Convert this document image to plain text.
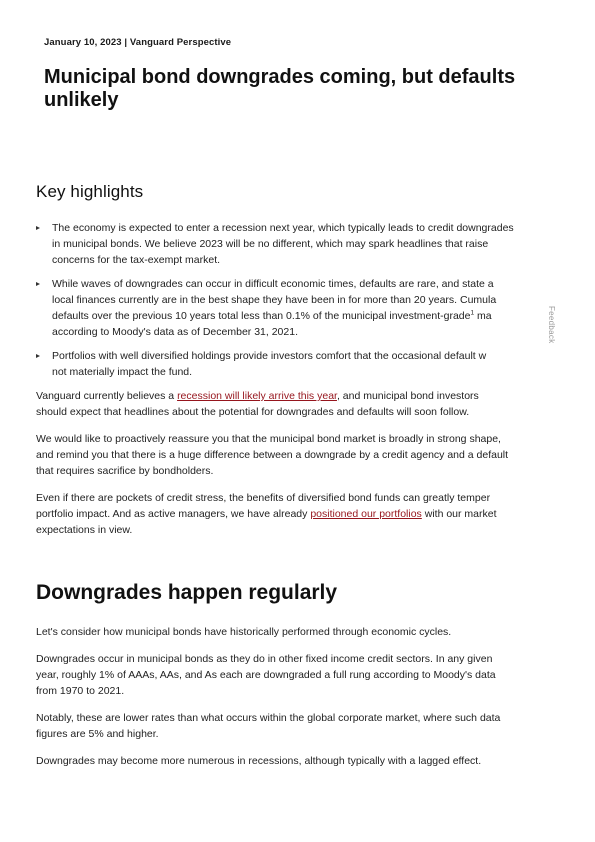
January 10, 2023 | Vanguard Perspective
Municipal bond downgrades coming, but defaults
unlikely
Key highlights
The economy is expected to enter a recession next year, which typically leads to credit downgrades
in municipal bonds. We believe 2023 will be no different, which may spark headlines that raise
concerns for the tax-exempt market.
While waves of downgrades can occur in difficult economic times, defaults are rare, and state a
local finances currently are in the best shape they have been in for more than 20 years. Cumula
defaults over the previous 10 years total less than 0.1% of the municipal investment-grade$^1$ ma
according to Moody's data as of December 31, 2021.
Portfolios with well diversified holdings provide investors comfort that the occasional default w
not materially impact the fund.

Vanguard currently believes a recession will likely arrive this year, and municipal bond investors
should expect that headlines about the potential for downgrades and defaults will soon follow.

We would like to proactively reassure you that the municipal bond market is broadly in strong shape,
and remind you that there is a huge difference between a downgrade by a credit agency and a default
that requires sacrifice by bondholders.

Even if there are pockets of credit stress, the benefits of diversified bond funds can greatly temper
portfolio impact. And as active managers, we have already positioned our portfolios with our market
expectations in view.

Downgrades happen regularly

Let's consider how municipal bonds have historically performed through economic cycles.

Downgrades occur in municipal bonds as they do in other fixed income credit sectors. In any given
year, roughly 1% of AAAs, AAs, and As each are downgraded a full rung according to Moody's data
from 1970 to 2021.

Notably, these are lower rates than what occurs within the global corporate market, where such data
figures are 5% and higher.

Downgrades may become more numerous in recessions, although typically with a lagged effect.

Feedback
